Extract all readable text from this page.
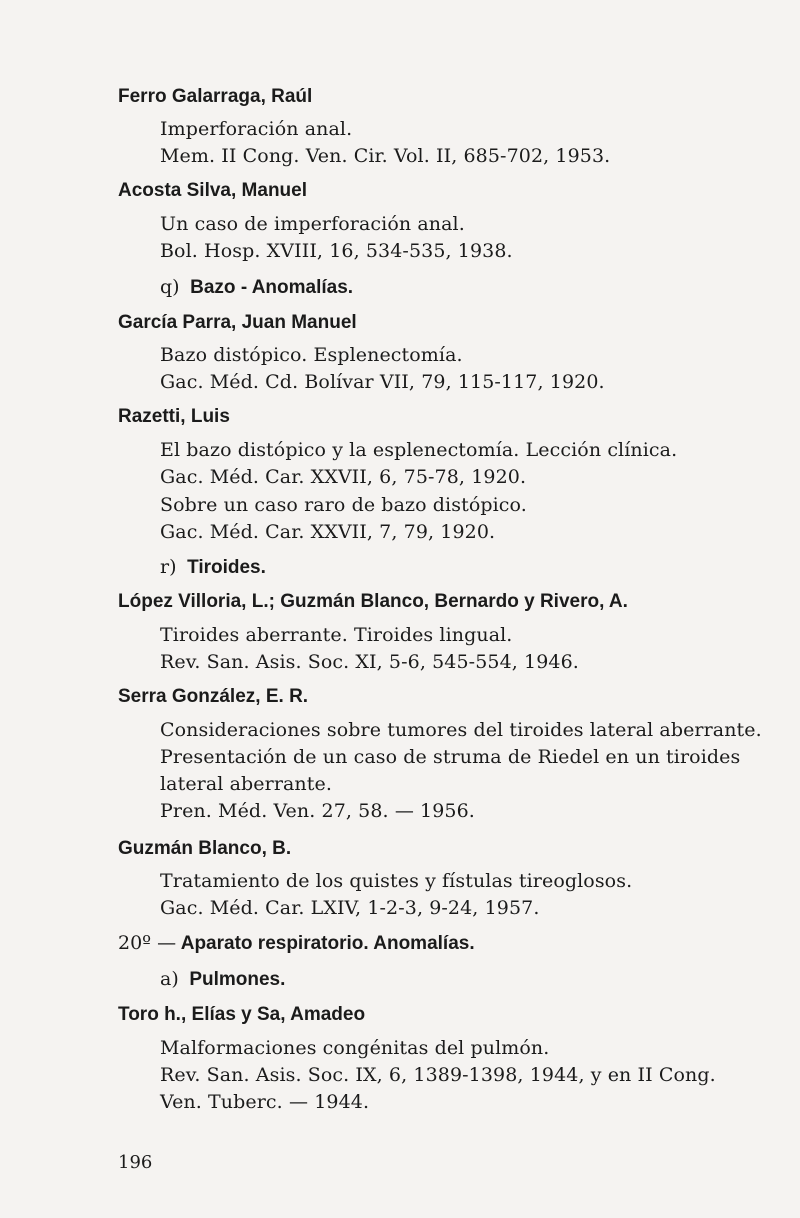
Ferro Galarraga, Raúl
Imperforación anal.
Mem. II Cong. Ven. Cir. Vol. II, 685-702, 1953.
Acosta Silva, Manuel
Un caso de imperforación anal.
Bol. Hosp. XVIII, 16, 534-535, 1938.
q) Bazo - Anomalías.
García Parra, Juan Manuel
Bazo distópico. Esplenectomía.
Gac. Méd. Cd. Bolívar VII, 79, 115-117, 1920.
Razetti, Luis
El bazo distópico y la esplenectomía. Lección clínica.
Gac. Méd. Car. XXVII, 6, 75-78, 1920.
Sobre un caso raro de bazo distópico.
Gac. Méd. Car. XXVII, 7, 79, 1920.
r) Tiroides.
López Villoria, L.; Guzmán Blanco, Bernardo y Rivero, A.
Tiroides aberrante. Tiroides lingual.
Rev. San. Asis. Soc. XI, 5-6, 545-554, 1946.
Serra González, E. R.
Consideraciones sobre tumores del tiroides lateral aberrante.
Presentación de un caso de struma de Riedel en un tiroides
lateral aberrante.
Pren. Méd. Ven. 27, 58. — 1956.
Guzmán Blanco, B.
Tratamiento de los quistes y fístulas tireoglosos.
Gac. Méd. Car. LXIV, 1-2-3, 9-24, 1957.
20º — Aparato respiratorio. Anomalías.
a) Pulmones.
Toro h., Elías y Sa, Amadeo
Malformaciones congénitas del pulmón.
Rev. San. Asis. Soc. IX, 6, 1389-1398, 1944, y en II Cong.
Ven. Tuberc. — 1944.
196
